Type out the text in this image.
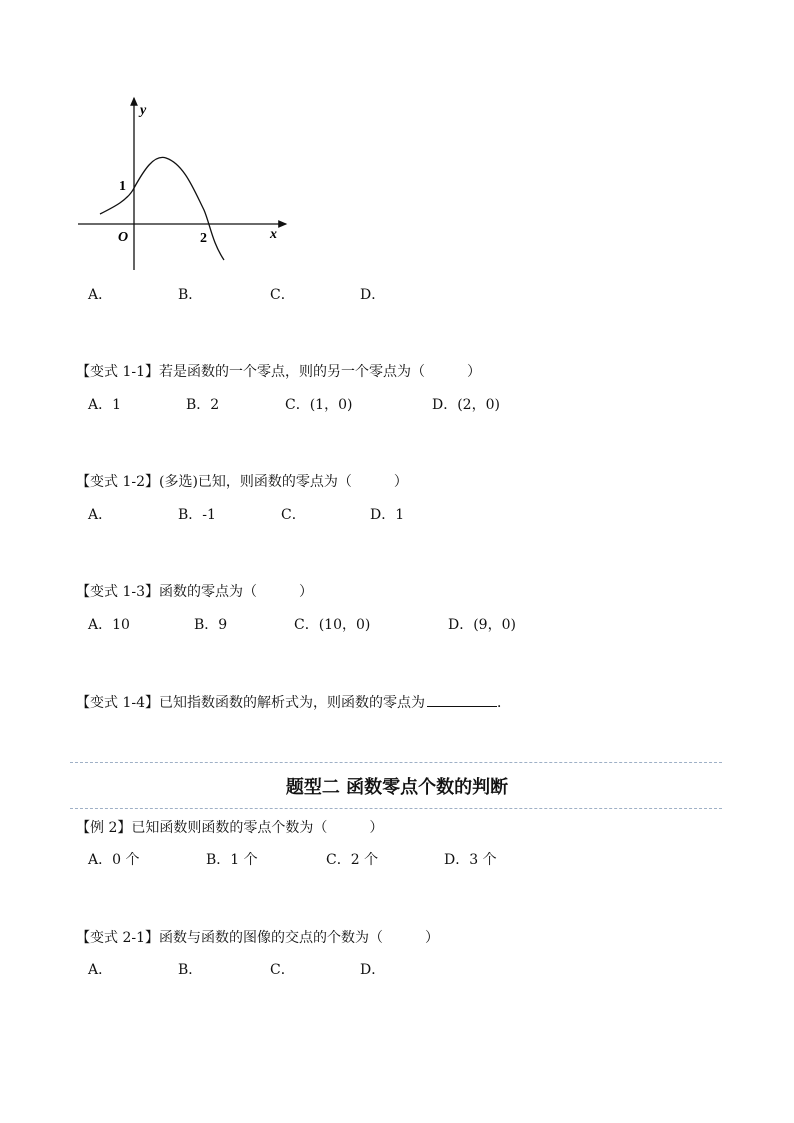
y
x
O
1
2
A．	B．	C．	D．
【变式 1-1】若是函数的一个零点，则的另一个零点为（　　　）
A．1	B．2	C．(1，0)	D．(2，0)
【变式 1-2】(多选)已知，则函数的零点为（　　　）
A．	B．-1	C．	D．1
【变式 1-3】函数的零点为（　　　）
A．10	B．9	C．(10，0)	D．(9，0)
【变式 1-4】已知指数函数的解析式为，则函数的零点为	．
题型二 函数零点个数的判断
【例 2】已知函数则函数的零点个数为（　　　）
A．0 个	B．1 个	C．2 个	D．3 个
【变式 2-1】函数与函数的图像的交点的个数为（　　　）
A．	B．	C．	D．
